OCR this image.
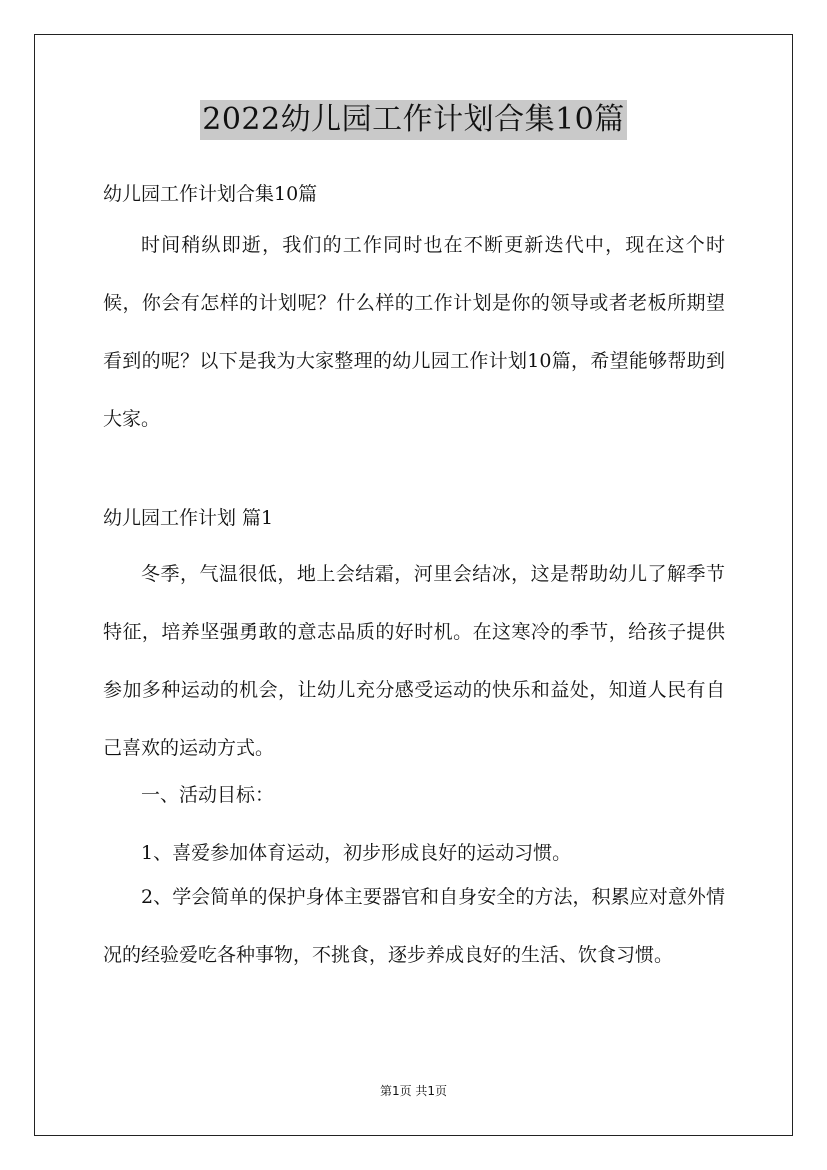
2022幼儿园工作计划合集10篇

幼儿园工作计划合集10篇

时间稍纵即逝，我们的工作同时也在不断更新迭代中，现在这个时候，你会有怎样的计划呢？什么样的工作计划是你的领导或者老板所期望看到的呢？以下是我为大家整理的幼儿园工作计划10篇，希望能够帮助到大家。

幼儿园工作计划 篇1

冬季，气温很低，地上会结霜，河里会结冰，这是帮助幼儿了解季节特征，培养坚强勇敢的意志品质的好时机。在这寒冷的季节，给孩子提供参加多种运动的机会，让幼儿充分感受运动的快乐和益处，知道人民有自己喜欢的运动方式。

一、活动目标：

1、喜爱参加体育运动，初步形成良好的运动习惯。

2、学会简单的保护身体主要器官和自身安全的方法，积累应对意外情况的经验爱吃各种事物，不挑食，逐步养成良好的生活、饮食习惯。

第1页 共1页
